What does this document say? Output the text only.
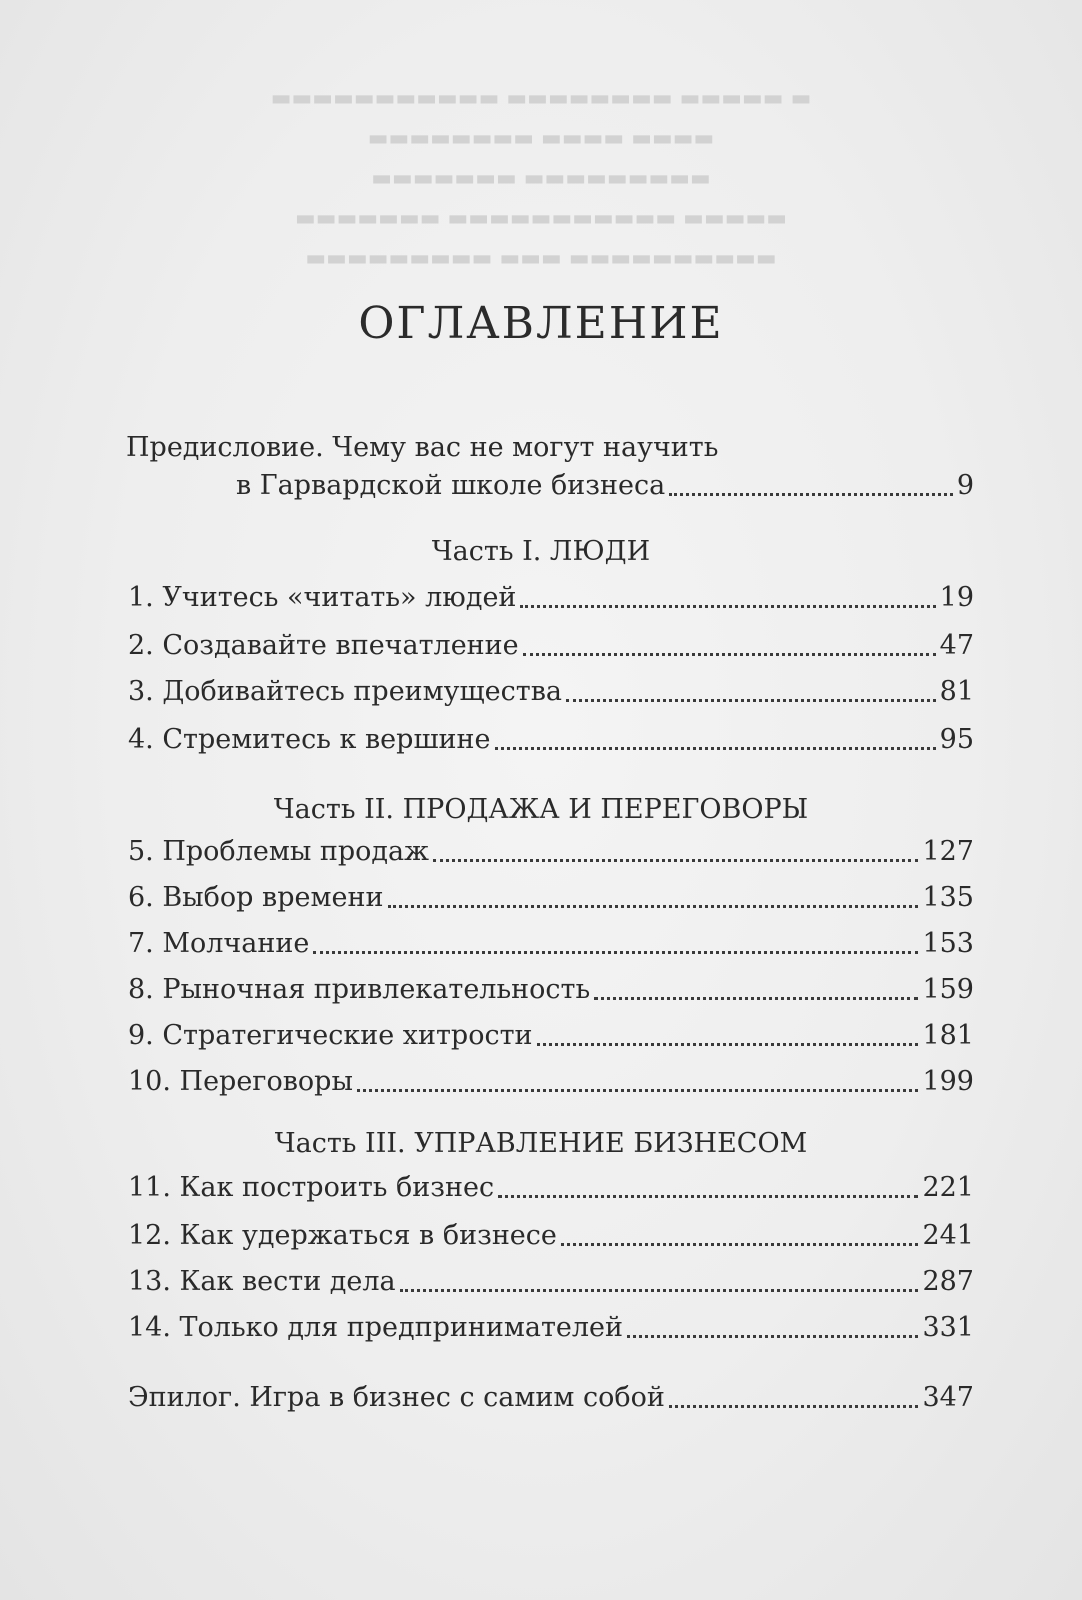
▬ ▬▬▬▬▬ ▬▬▬▬▬▬▬▬ ▬▬▬▬▬▬▬▬▬▬▬
▬▬▬▬ ▬▬▬▬ ▬▬▬▬▬▬▬▬
▬▬▬▬▬▬▬▬▬ ▬▬▬▬▬▬▬
▬▬▬▬▬ ▬▬▬▬▬▬▬▬▬▬▬ ▬▬▬▬▬▬▬
▬▬▬▬▬▬▬▬▬▬ ▬▬▬ ▬▬▬▬▬▬▬▬▬
ОГЛАВЛЕНИЕ
Предисловие. Чему вас не могут научить
в Гарвардской школе бизнеса	9
Часть I. ЛЮДИ
1. Учитесь «читать» людей	19
2. Создавайте впечатление	47
3. Добивайтесь преимущества	81
4. Стремитесь к вершине	95
Часть II. ПРОДАЖА И ПЕРЕГОВОРЫ
5. Проблемы продаж	127
6. Выбор времени	135
7. Молчание	153
8. Рыночная привлекательность	159
9. Стратегические хитрости	181
10. Переговоры	199
Часть III. УПРАВЛЕНИЕ БИЗНЕСОМ
11. Как построить бизнес	221
12. Как удержаться в бизнесе	241
13. Как вести дела	287
14. Только для предпринимателей	331
Эпилог. Игра в бизнес с самим собой	347
